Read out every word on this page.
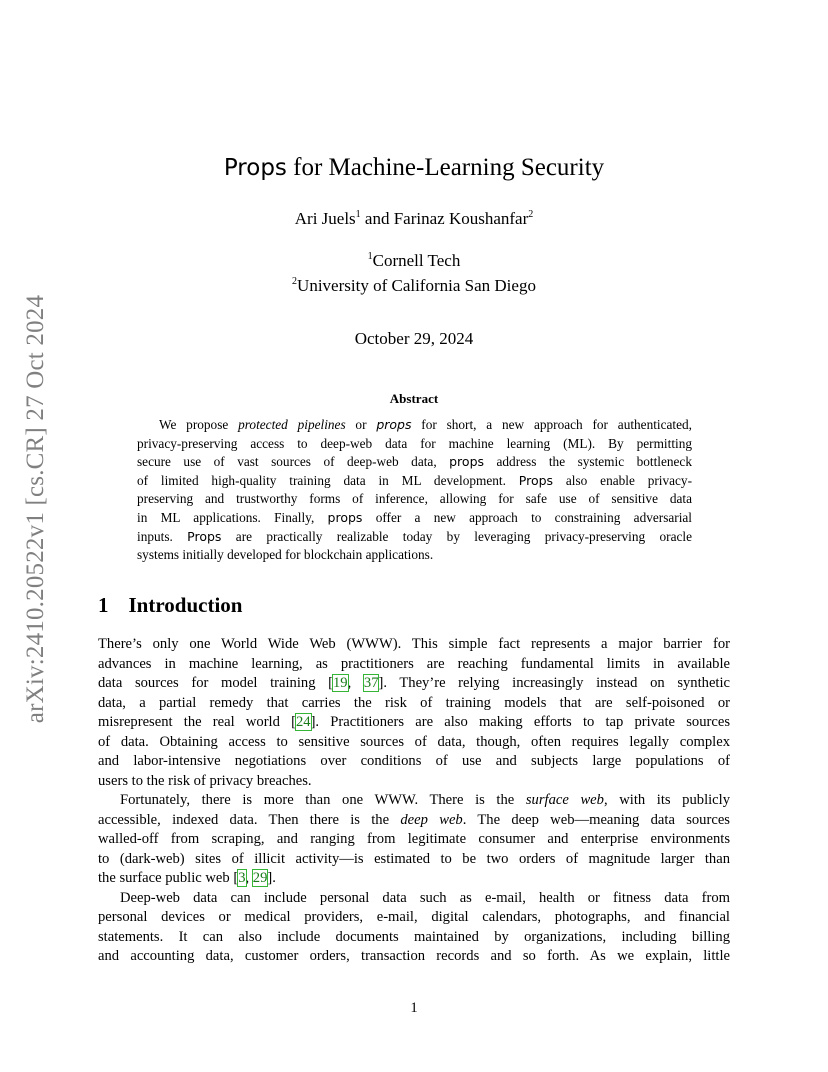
arXiv:2410.20522v1 [cs.CR] 27 Oct 2024
Props for Machine-Learning Security
Ari Juels$^1$ and Farinaz Koushanfar$^2$
$^1$Cornell Tech
$^2$University of California San Diego
October 29, 2024
Abstract
We propose protected pipelines or props for short, a new approach for authenticated,
privacy-preserving access to deep-web data for machine learning (ML). By permitting
secure use of vast sources of deep-web data, props address the systemic bottleneck
of limited high-quality training data in ML development. Props also enable privacy-
preserving and trustworthy forms of inference, allowing for safe use of sensitive data
in ML applications. Finally, props offer a new approach to constraining adversarial
inputs. Props are practically realizable today by leveraging privacy-preserving oracle
systems initially developed for blockchain applications.
1 Introduction
There’s only one World Wide Web (WWW). This simple fact represents a major barrier for
advances in machine learning, as practitioners are reaching fundamental limits in available
data sources for model training [19, 37]. They’re relying increasingly instead on synthetic
data, a partial remedy that carries the risk of training models that are self-poisoned or
misrepresent the real world [24]. Practitioners are also making efforts to tap private sources
of data. Obtaining access to sensitive sources of data, though, often requires legally complex
and labor-intensive negotiations over conditions of use and subjects large populations of
users to the risk of privacy breaches.
Fortunately, there is more than one WWW. There is the surface web, with its publicly
accessible, indexed data. Then there is the deep web. The deep web—meaning data sources
walled-off from scraping, and ranging from legitimate consumer and enterprise environments
to (dark-web) sites of illicit activity—is estimated to be two orders of magnitude larger than
the surface public web [3, 29].
Deep-web data can include personal data such as e-mail, health or fitness data from
personal devices or medical providers, e-mail, digital calendars, photographs, and financial
statements. It can also include documents maintained by organizations, including billing
and accounting data, customer orders, transaction records and so forth. As we explain, little
1
